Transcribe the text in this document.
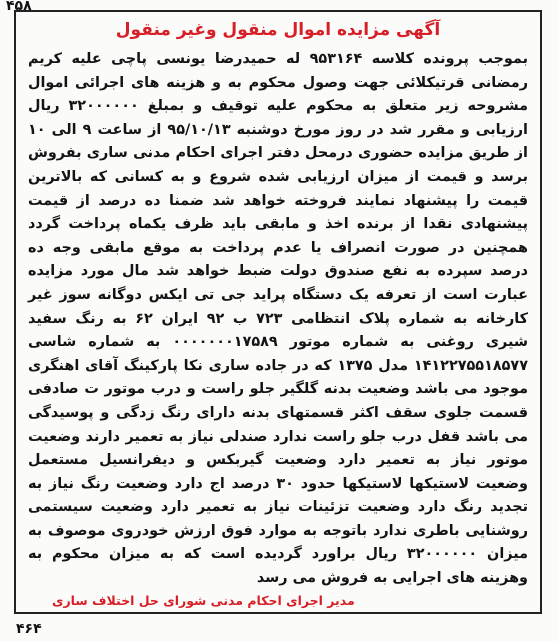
۴۵۸
آگهی مزایده اموال منقول وغیر منقول

بموجب پرونده کلاسه ۹۵۳۱۶۴ له حمیدرضا یونسی پاچی علیه کریم رمضانی قرتیکلائی جهت وصول محکوم به و هزینه های اجرائی اموال مشروحه زیر متعلق به محکوم علیه توقیف و بمبلغ ۳۲۰۰۰۰۰۰ ریال ارزیابی و مقرر شد در روز مورخ دوشنبه ۹۵/۱۰/۱۳ از ساعت ۹ الی ۱۰ از طریق مزایده حضوری درمحل دفتر اجرای احکام مدنی ساری بفروش برسد و قیمت از میزان ارزیابی شده شروع و به کسانی که بالاترین قیمت را پیشنهاد نمایند فروخته خواهد شد ضمنا ده درصد از قیمت پیشنهادی نقدا از برنده اخذ و مابقی باید ظرف یکماه پرداخت گردد همچنین در صورت انصراف یا عدم پرداخت به موقع مابقی وجه ده درصد سپرده به نفع صندوق دولت ضبط خواهد شد مال مورد مزایده عبارت است از تعرفه یک دستگاه پراید جی تی ایکس دوگانه سوز غیر کارخانه به شماره پلاک انتظامی ۷۲۳ ب ۹۲ ایران ۶۲ به رنگ سفید شیری روغنی به شماره موتور ۰۰۰۰۰۰۰۱۷۵۸۹ به شماره شاسی ۱۴۱۲۲۷۵۵۱۸۵۷۷ مدل ۱۳۷۵ که در جاده ساری نکا پارکینگ آقای اهنگری موجود می باشد وضعیت بدنه گلگیر جلو راست و درب موتور ت صادفی قسمت جلوی سقف اکثر قسمتهای بدنه دارای رنگ زدگی و پوسیدگی می باشد قفل درب جلو راست ندارد صندلی نیاز به تعمیر دارند وضعیت موتور نیاز به تعمیر دارد وضعیت گیربکس و دیفرانسیل مستعمل وضعیت لاستیکها لاستیکها حدود ۳۰ درصد اج دارد وضعیت رنگ نیاز به تجدید رنگ دارد وضعیت تزئینات نیاز به تعمیر دارد وضعیت سیستمی روشنایی باطری ندارد باتوجه به موارد فوق ارزش خودروی موصوف به میزان ۳۲۰۰۰۰۰۰ ریال براورد گردیده است که به میزان محکوم به وهزینه های اجرایی به فروش می رسد

مدیر اجرای احکام مدنی شورای حل اختلاف ساری
۴۶۴
